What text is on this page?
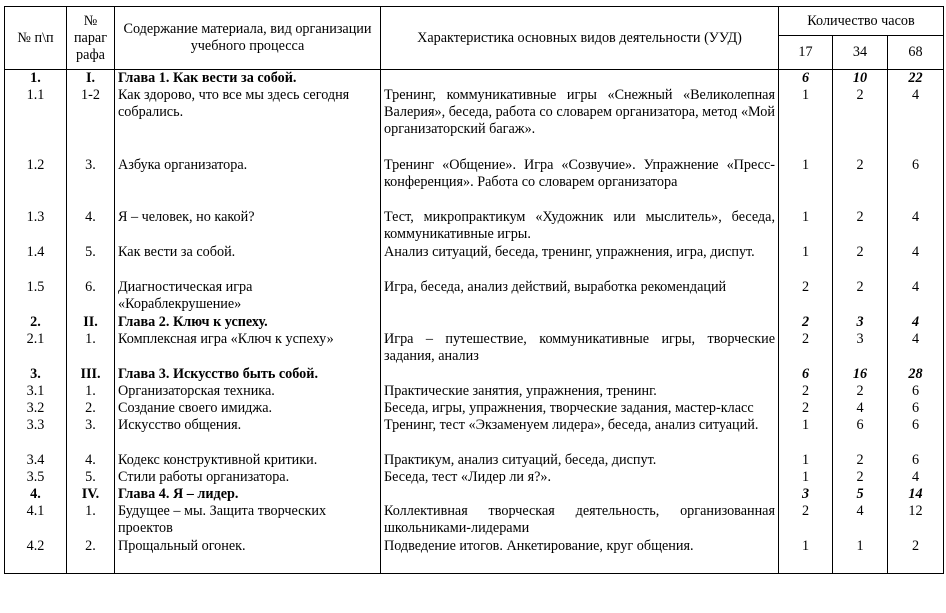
№ п\п	№ параг рафа	Содержание материала, вид организации учебного процесса	Характеристика основных видов деятельности (УУД)	Количество часов		
				17	34	68
1.	I.	Глава 1. Как вести за собой.		6	10	22
1.1	1-2	Как здорово, что все мы здесь сегодня собрались.	Тренинг, коммуникативные игры «Снежный «Великолепная Валерия», беседа, работа со словарем организатора, метод «Мой организаторский багаж».	1	2	4
1.2	3.	Азбука организатора.	Тренинг «Общение». Игра «Созвучие». Упражнение «Пресс-конференция». Работа со словарем организатора	1	2	6
1.3	4.	Я – человек, но какой?	Тест, микропрактикум «Художник или мыслитель», беседа, коммуникативные игры.	1	2	4
1.4	5.	Как вести за собой.	Анализ ситуаций, беседа, тренинг, упражнения, игра, диспут.	1	2	4
1.5	6.	Диагностическая игра «Кораблекрушение»	Игра, беседа, анализ действий, выработка рекомендаций	2	2	4
2.	II.	Глава 2. Ключ к успеху.		2	3	4
2.1	1.	Комплексная игра «Ключ к успеху»	Игра – путешествие, коммуникативные игры, творческие задания, анализ	2	3	4
3.	III.	Глава 3. Искусство быть собой.		6	16	28
3.1	1.	Организаторская техника.	Практические занятия, упражнения, тренинг.	2	2	6
3.2	2.	Создание своего имиджа.	Беседа, игры, упражнения, творческие задания, мастер-класс	2	4	6
3.3	3.	Искусство общения.	Тренинг, тест «Экзаменуем лидера», беседа, анализ ситуаций.	1	6	6
3.4	4.	Кодекс конструктивной критики.	Практикум, анализ ситуаций, беседа, диспут.	1	2	6
3.5	5.	Стили работы организатора.	Беседа, тест «Лидер ли я?».	1	2	4
4.	IV.	Глава 4. Я – лидер.		3	5	14
4.1	1.	Будущее – мы. Защита творческих проектов	Коллективная творческая деятельность, организованная школьниками-лидерами	2	4	12
4.2	2.	Прощальный огонек.	Подведение итогов. Анкетирование, круг общения.	1	1	2
